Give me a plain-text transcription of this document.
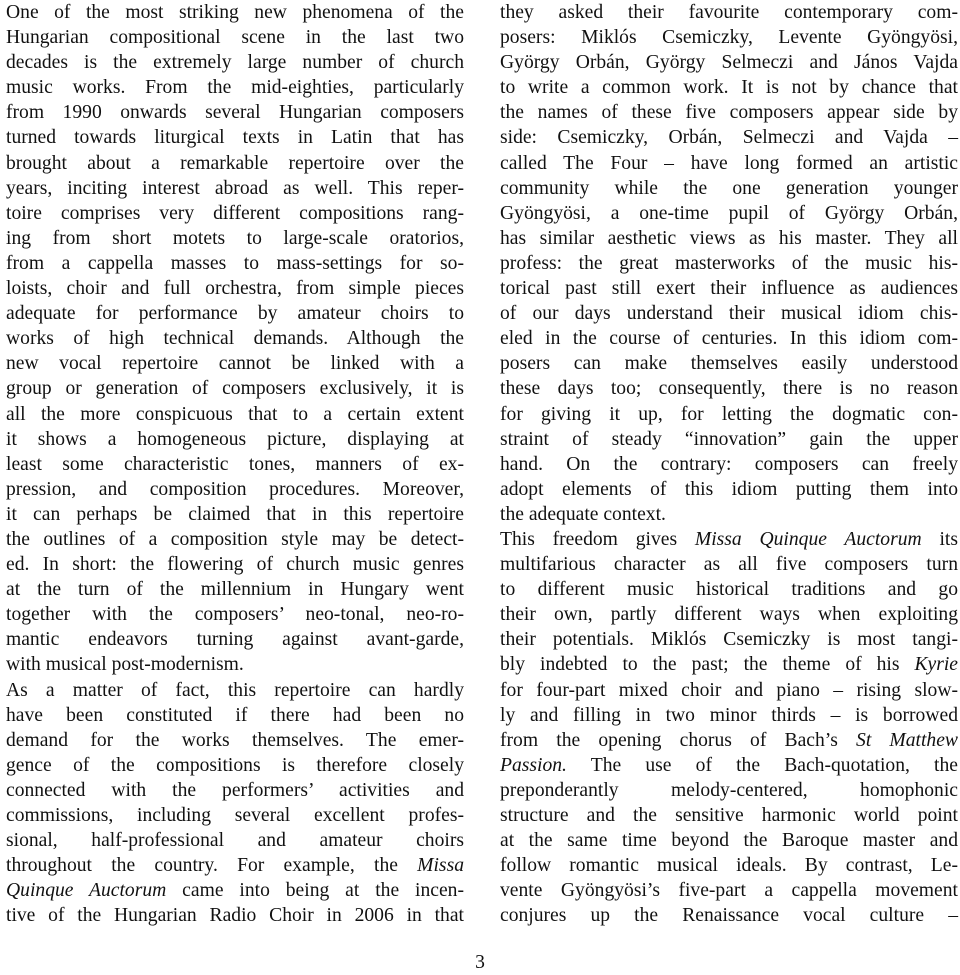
One of the most striking new phenomena of the
Hungarian compositional scene in the last two
decades is the extremely large number of church
music works. From the mid-eighties, particularly
from 1990 onwards several Hungarian composers
turned towards liturgical texts in Latin that has
brought about a remarkable repertoire over the
years, inciting interest abroad as well. This reper-
toire comprises very different compositions rang-
ing from short motets to large-scale oratorios,
from a cappella masses to mass-settings for so-
loists, choir and full orchestra, from simple pieces
adequate for performance by amateur choirs to
works of high technical demands. Although the
new vocal repertoire cannot be linked with a
group or generation of composers exclusively, it is
all the more conspicuous that to a certain extent
it shows a homogeneous picture, displaying at
least some characteristic tones, manners of ex-
pression, and composition procedures. Moreover,
it can perhaps be claimed that in this repertoire
the outlines of a composition style may be detect-
ed. In short: the flowering of church music genres
at the turn of the millennium in Hungary went
together with the composers’ neo-tonal, neo-ro-
mantic endeavors turning against avant-garde,
with musical post-modernism.
As a matter of fact, this repertoire can hardly
have been constituted if there had been no
demand for the works themselves. The emer-
gence of the compositions is therefore closely
connected with the performers’ activities and
commissions, including several excellent profes-
sional, half-professional and amateur choirs
throughout the country. For example, the Missa
Quinque Auctorum came into being at the incen-
tive of the Hungarian Radio Choir in 2006 in that
they asked their favourite contemporary com-
posers: Miklós Csemiczky, Levente Gyöngyösi,
György Orbán, György Selmeczi and János Vajda
to write a common work. It is not by chance that
the names of these five composers appear side by
side: Csemiczky, Orbán, Selmeczi and Vajda –
called The Four – have long formed an artistic
community while the one generation younger
Gyöngyösi, a one-time pupil of György Orbán,
has similar aesthetic views as his master. They all
profess: the great masterworks of the music his-
torical past still exert their influence as audiences
of our days understand their musical idiom chis-
eled in the course of centuries. In this idiom com-
posers can make themselves easily understood
these days too; consequently, there is no reason
for giving it up, for letting the dogmatic con-
straint of steady “innovation” gain the upper
hand. On the contrary: composers can freely
adopt elements of this idiom putting them into
the adequate context.
This freedom gives Missa Quinque Auctorum its
multifarious character as all five composers turn
to different music historical traditions and go
their own, partly different ways when exploiting
their potentials. Miklós Csemiczky is most tangi-
bly indebted to the past; the theme of his Kyrie
for four-part mixed choir and piano – rising slow-
ly and filling in two minor thirds – is borrowed
from the opening chorus of Bach’s St Matthew
Passion. The use of the Bach-quotation, the
preponderantly melody-centered, homophonic
structure and the sensitive harmonic world point
at the same time beyond the Baroque master and
follow romantic musical ideals. By contrast, Le-
vente Gyöngyösi’s five-part a cappella movement
conjures up the Renaissance vocal culture –
3
